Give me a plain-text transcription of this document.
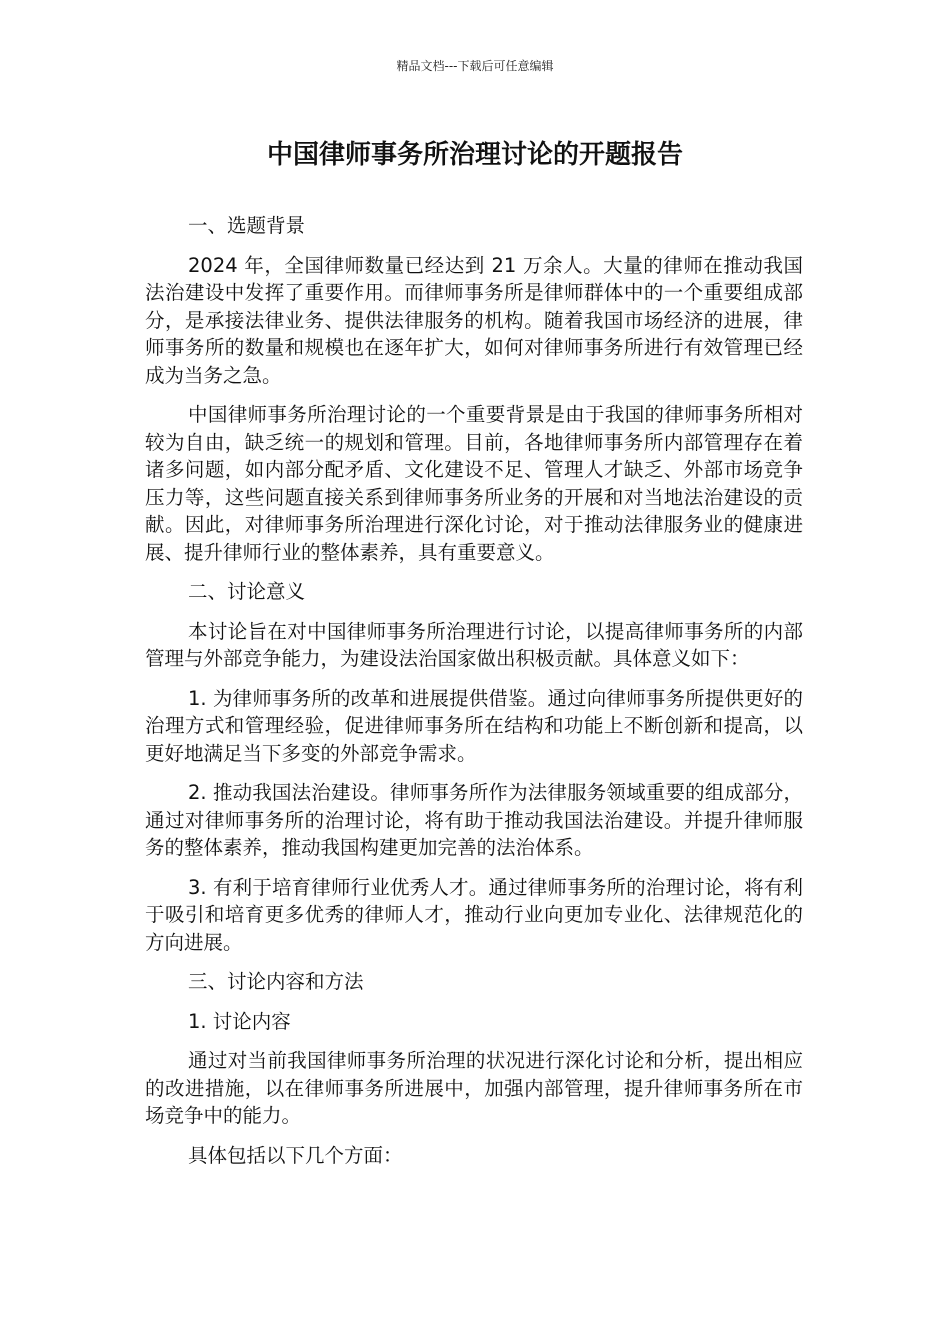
精品文档---下载后可任意编辑
中国律师事务所治理讨论的开题报告

一、选题背景

2024 年，全国律师数量已经达到 21 万余人。大量的律师在推动我国法治建设中发挥了重要作用。而律师事务所是律师群体中的一个重要组成部分，是承接法律业务、提供法律服务的机构。随着我国市场经济的进展，律师事务所的数量和规模也在逐年扩大，如何对律师事务所进行有效管理已经成为当务之急。

中国律师事务所治理讨论的一个重要背景是由于我国的律师事务所相对较为自由，缺乏统一的规划和管理。目前，各地律师事务所内部管理存在着诸多问题，如内部分配矛盾、文化建设不足、管理人才缺乏、外部市场竞争压力等，这些问题直接关系到律师事务所业务的开展和对当地法治建设的贡献。因此，对律师事务所治理进行深化讨论，对于推动法律服务业的健康进展、提升律师行业的整体素养，具有重要意义。

二、讨论意义

本讨论旨在对中国律师事务所治理进行讨论，以提高律师事务所的内部管理与外部竞争能力，为建设法治国家做出积极贡献。具体意义如下：

1. 为律师事务所的改革和进展提供借鉴。通过向律师事务所提供更好的治理方式和管理经验，促进律师事务所在结构和功能上不断创新和提高，以更好地满足当下多变的外部竞争需求。

2. 推动我国法治建设。律师事务所作为法律服务领域重要的组成部分，通过对律师事务所的治理讨论，将有助于推动我国法治建设。并提升律师服务的整体素养，推动我国构建更加完善的法治体系。

3. 有利于培育律师行业优秀人才。通过律师事务所的治理讨论，将有利于吸引和培育更多优秀的律师人才，推动行业向更加专业化、法律规范化的方向进展。

三、讨论内容和方法

1. 讨论内容

通过对当前我国律师事务所治理的状况进行深化讨论和分析，提出相应的改进措施，以在律师事务所进展中，加强内部管理，提升律师事务所在市场竞争中的能力。

具体包括以下几个方面：
